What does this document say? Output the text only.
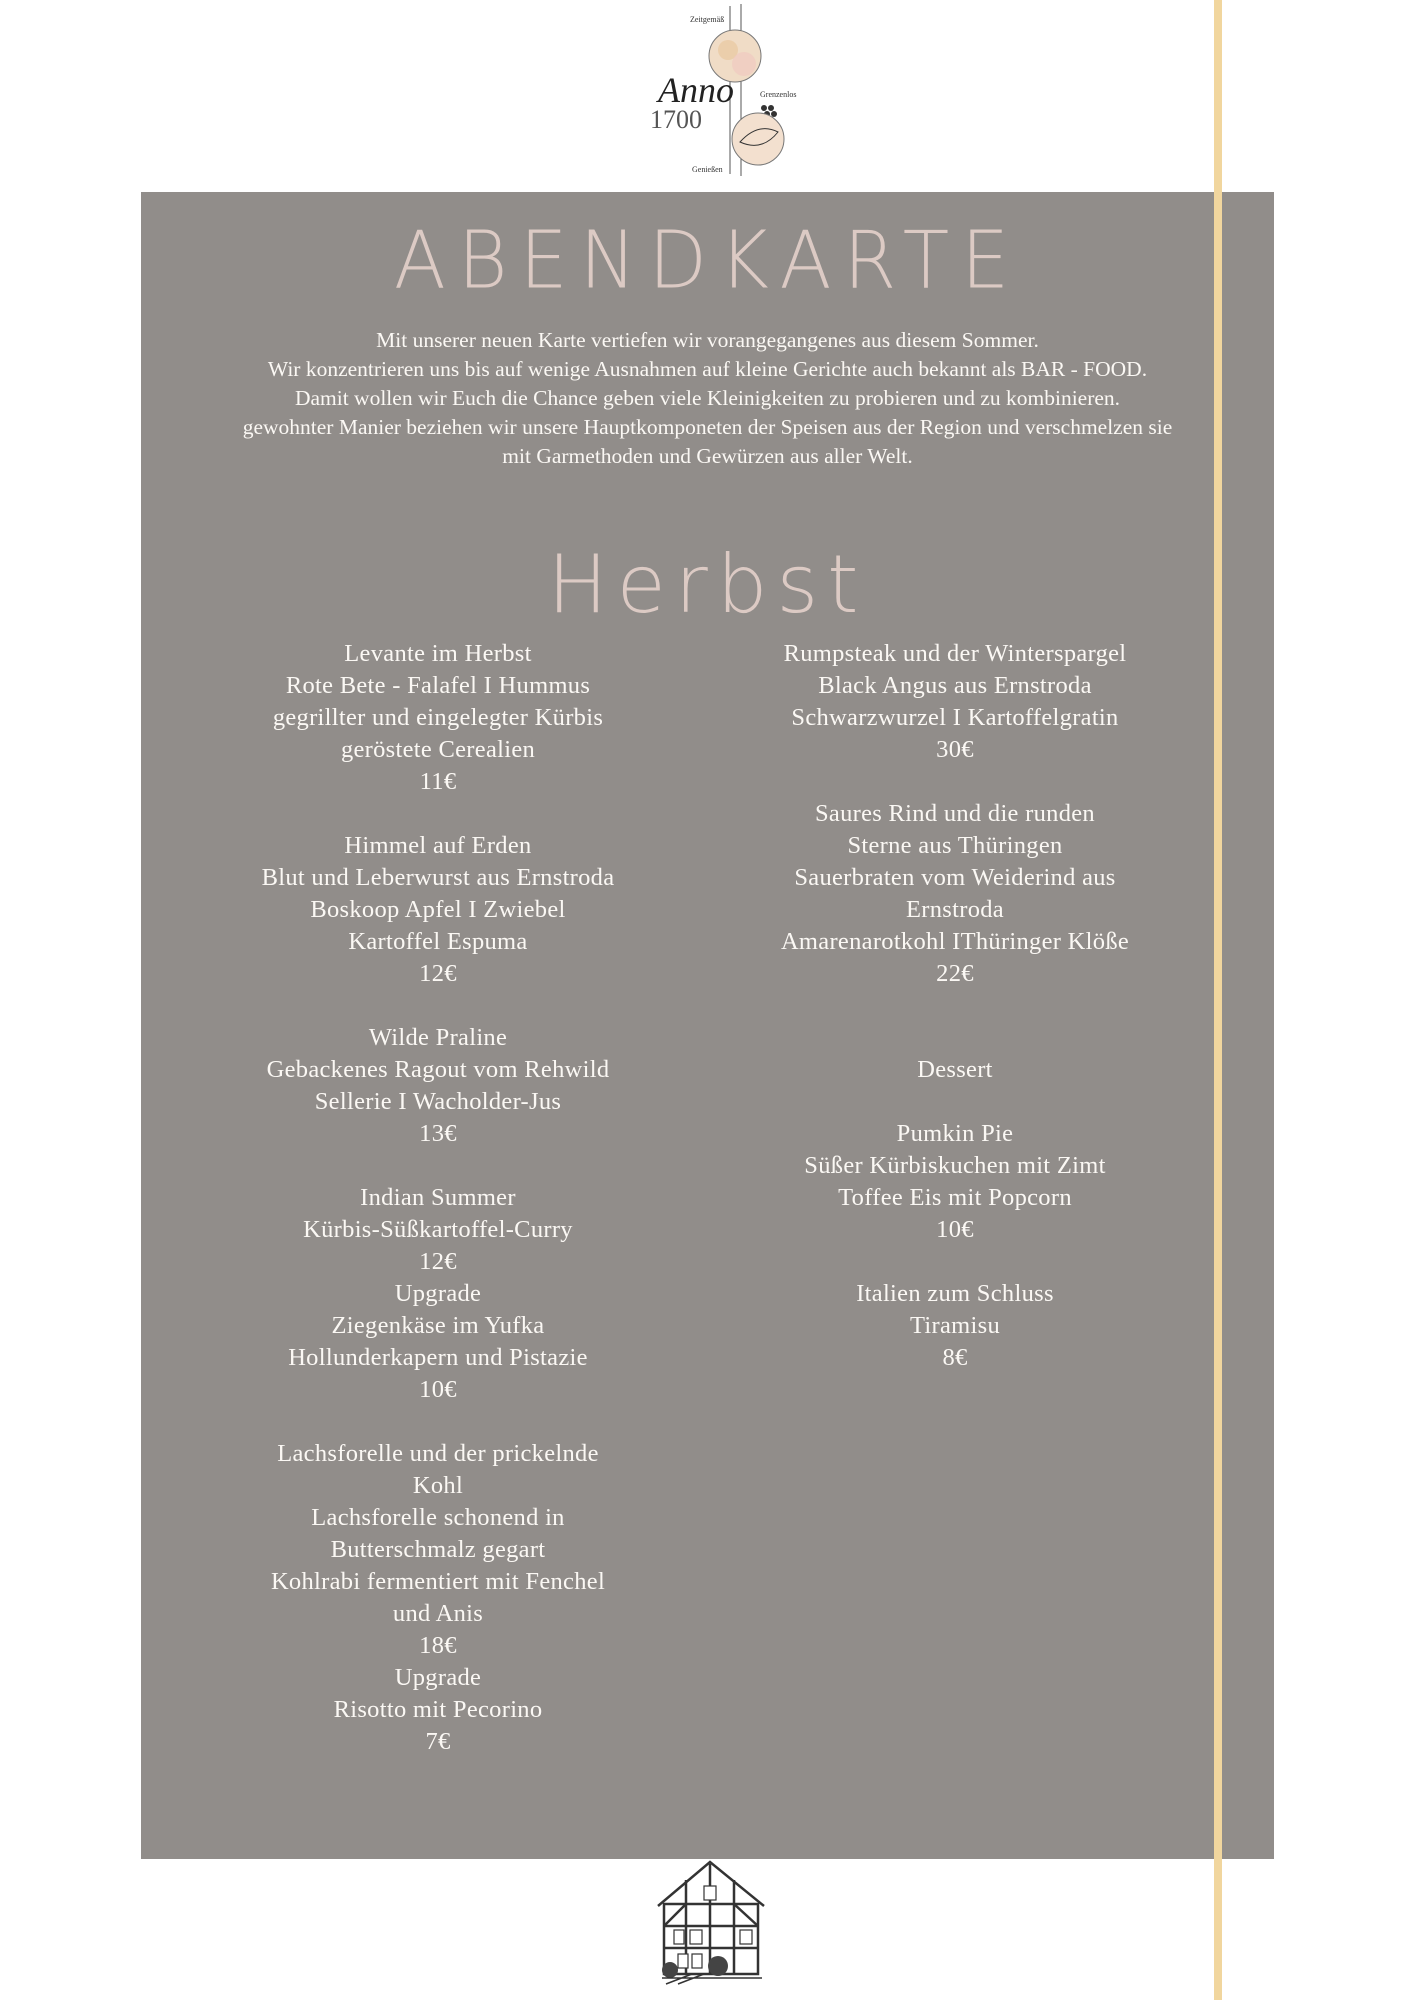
Zeitgemäß
Anno
1700
Grenzenlos
Genießen
ABENDKARTE
Mit unserer neuen Karte vertiefen wir vorangegangenes aus diesem Sommer.
Wir konzentrieren uns bis auf wenige Ausnahmen auf kleine Gerichte auch bekannt als BAR - FOOD.
Damit wollen wir Euch die Chance geben viele Kleinigkeiten zu probieren und zu kombinieren.
gewohnter Manier beziehen wir unsere Hauptkomponeten der Speisen aus der Region und verschmelzen sie
mit Garmethoden und Gewürzen aus aller Welt.
Herbst
Levante im Herbst
Rote Bete - Falafel I Hummus
gegrillter und eingelegter Kürbis
geröstete Cerealien
11€
Himmel auf Erden
Blut und Leberwurst aus Ernstroda
Boskoop Apfel I Zwiebel
Kartoffel Espuma
12€
Wilde Praline
Gebackenes Ragout vom Rehwild
Sellerie I Wacholder-Jus
13€
Indian Summer
Kürbis-Süßkartoffel-Curry
12€
Upgrade
Ziegenkäse im Yufka
Hollunderkapern und Pistazie
10€
Lachsforelle und der prickelnde
Kohl
Lachsforelle schonend in
Butterschmalz gegart
Kohlrabi fermentiert mit Fenchel
und Anis
18€
Upgrade
Risotto mit Pecorino
7€
Rumpsteak und der Winterspargel
Black Angus aus Ernstroda
Schwarzwurzel I Kartoffelgratin
30€
Saures Rind und die runden
Sterne aus Thüringen
Sauerbraten vom Weiderind aus
Ernstroda
Amarenarotkohl IThüringer Klöße
22€
Dessert
Pumkin Pie
Süßer Kürbiskuchen mit Zimt
Toffee Eis mit Popcorn
10€
Italien zum Schluss
Tiramisu
8€
